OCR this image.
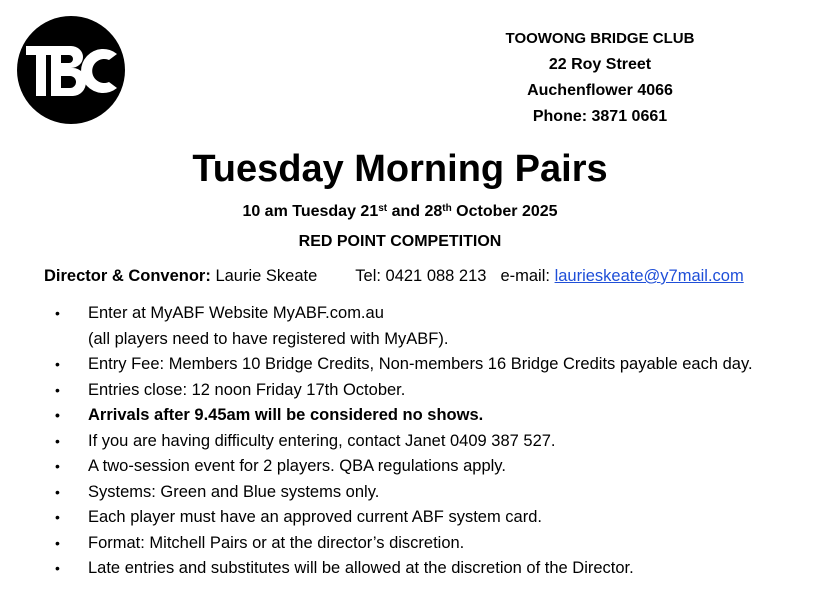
TBC
TOOWONG BRIDGE CLUB
22 Roy Street
Auchenflower 4066
Phone: 3871 0661
Tuesday Morning Pairs
10 am Tuesday 21st and 28th October 2025
RED POINT COMPETITION
Director & Convenor: Laurie Skeate Tel: 0421 088 213 e-mail: laurieskeate@y7mail.com
• Enter at MyABF Website MyABF.com.au
(all players need to have registered with MyABF).
• Entry Fee: Members 10 Bridge Credits, Non-members 16 Bridge Credits payable each day.
• Entries close: 12 noon Friday 17th October.
• Arrivals after 9.45am will be considered no shows.
• If you are having difficulty entering, contact Janet 0409 387 527.
• A two-session event for 2 players. QBA regulations apply.
• Systems: Green and Blue systems only.
• Each player must have an approved current ABF system card.
• Format: Mitchell Pairs or at the director’s discretion.
• Late entries and substitutes will be allowed at the discretion of the Director.
